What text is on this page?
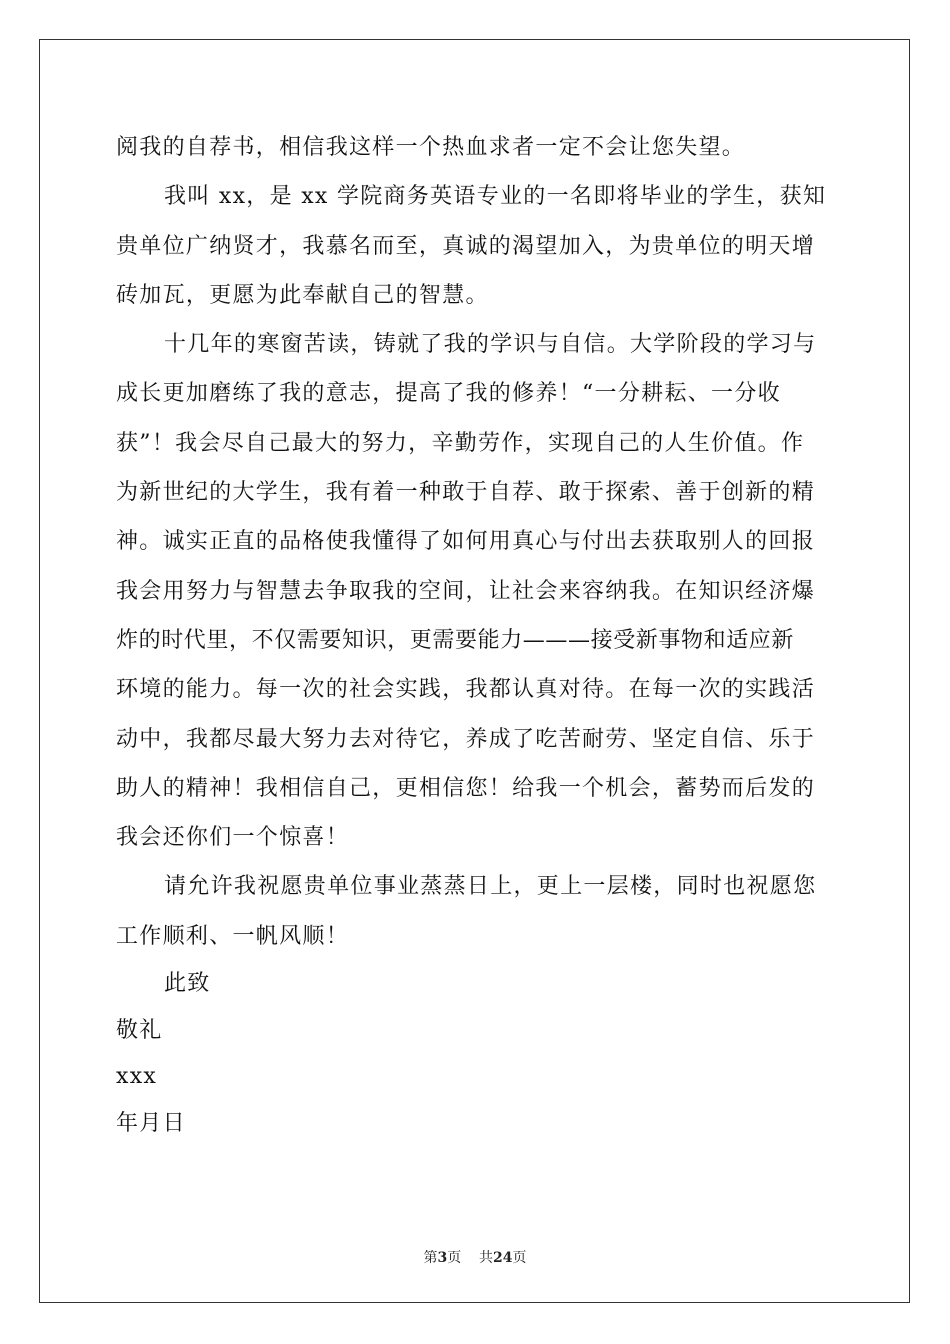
阅我的自荐书，相信我这样一个热血求者一定不会让您失望。
我叫 xx，是 xx 学院商务英语专业的一名即将毕业的学生，获知
贵单位广纳贤才，我慕名而至，真诚的渴望加入，为贵单位的明天增
砖加瓦，更愿为此奉献自己的智慧。
十几年的寒窗苦读，铸就了我的学识与自信。大学阶段的学习与
成长更加磨练了我的意志，提高了我的修养！“一分耕耘、一分收
获”！我会尽自己最大的努力，辛勤劳作，实现自己的人生价值。作
为新世纪的大学生，我有着一种敢于自荐、敢于探索、善于创新的精
神。诚实正直的品格使我懂得了如何用真心与付出去获取别人的回报
我会用努力与智慧去争取我的空间，让社会来容纳我。在知识经济爆
炸的时代里，不仅需要知识，更需要能力———接受新事物和适应新
环境的能力。每一次的社会实践，我都认真对待。在每一次的实践活
动中，我都尽最大努力去对待它，养成了吃苦耐劳、坚定自信、乐于
助人的精神！我相信自己，更相信您！给我一个机会，蓄势而后发的
我会还你们一个惊喜！
请允许我祝愿贵单位事业蒸蒸日上，更上一层楼，同时也祝愿您
工作顺利、一帆风顺！
此致
敬礼
xxx
年月日
第3页 共24页
